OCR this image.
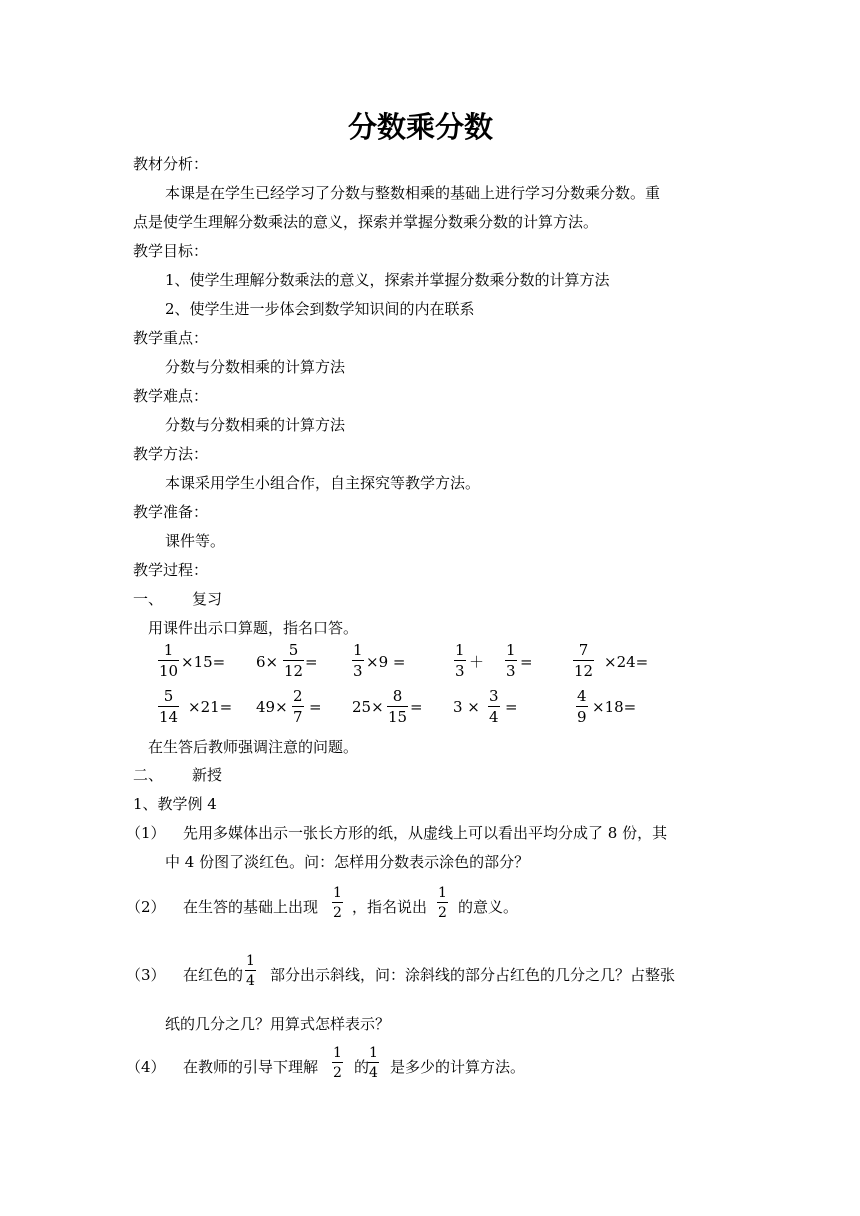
分数乘分数
教材分析：
本课是在学生已经学习了分数与整数相乘的基础上进行学习分数乘分数。重
点是使学生理解分数乘法的意义，探索并掌握分数乘分数的计算方法。
教学目标：
1、使学生理解分数乘法的意义，探索并掌握分数乘分数的计算方法
2、使学生进一步体会到数学知识间的内在联系
教学重点：
分数与分数相乘的计算方法
教学难点：
分数与分数相乘的计算方法
教学方法：
本课采用学生小组合作，自主探究等教学方法。
教学准备：
课件等。
教学过程：
一、 复习
用课件出示口算题，指名口答。
$\frac{1}{10} \times 15= 6\times \frac{5}{12} = \frac{1}{3} \times 9$ =	$\frac{1}{3} + \frac{1}{3}$ =	$\frac{7}{12} \times 24=$
$\frac{5}{14} \times 21= 49\times \frac{2}{7} = 25\times \frac{8}{15} = 3 \times \frac{3}{4}$ =	$\frac{4}{9} \times 18=$
在生答后教师强调注意的问题。
二、 新授
1、教学例 4
（1） 先用多媒体出示一张长方形的纸，从虚线上可以看出平均分成了 8 份，其
中 4 份图了淡红色。问：怎样用分数表示涂色的部分？
（2） 在生答的基础上出现 $\frac{1}{2}$ ，指名说出 $\frac{1}{2}$ 的意义。
（3） 在红色的 $\frac{1}{4}$ 部分出示斜线，问：涂斜线的部分占红色的几分之几？占整张
纸的几分之几？用算式怎样表示？
（4） 在教师的引导下理解 $\frac{1}{2}$ 的
$\frac{1}{4}$ 是多少的计算方法。
